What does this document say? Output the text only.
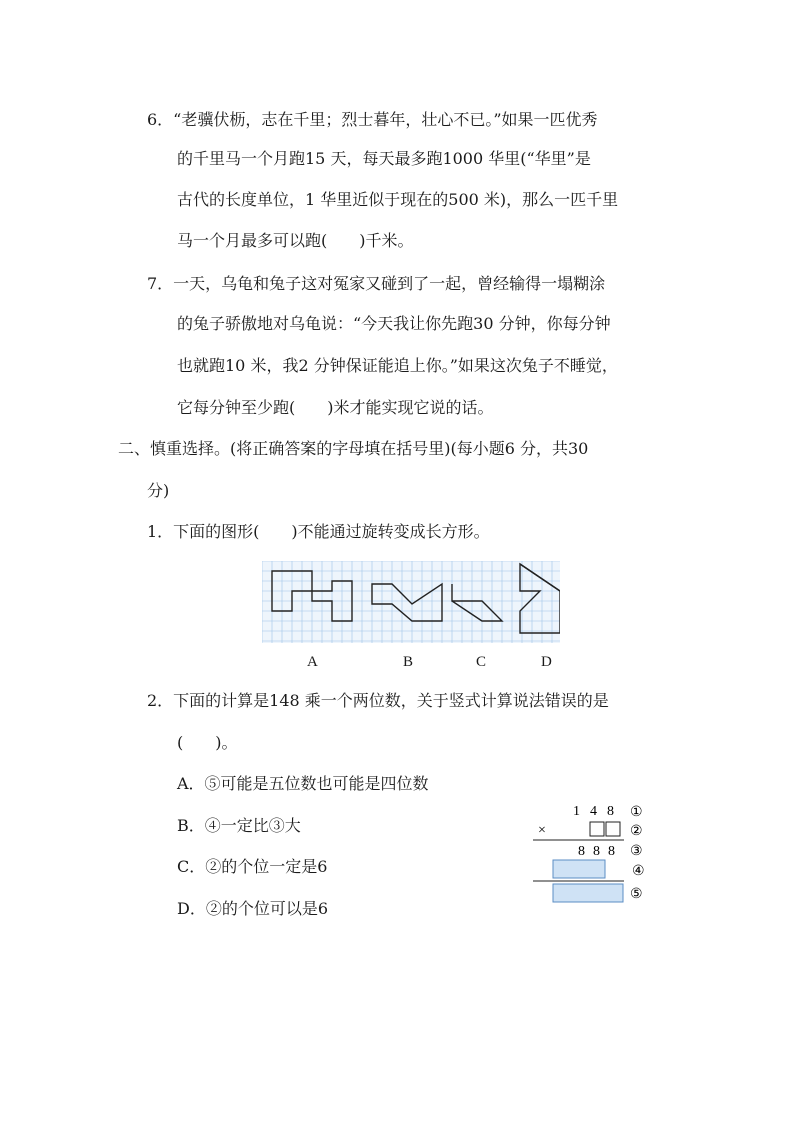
6．“老骥伏枥，志在千里；烈士暮年，壮心不已。”如果一匹优秀
的千里马一个月跑15 天，每天最多跑1000 华里(“华里”是
古代的长度单位，1 华里近似于现在的500 米)，那么一匹千里
马一个月最多可以跑(　　)千米。
7．一天，乌龟和兔子这对冤家又碰到了一起，曾经输得一塌糊涂
的兔子骄傲地对乌龟说：“今天我让你先跑30 分钟，你每分钟
也就跑10 米，我2 分钟保证能追上你。”如果这次兔子不睡觉，
它每分钟至少跑(　　)米才能实现它说的话。
二、慎重选择。(将正确答案的字母填在括号里)(每小题6 分，共30
分)
1．下面的图形(　　)不能通过旋转变成长方形。
A	B	C	D
2．下面的计算是148 乘一个两位数，关于竖式计算说法错误的是
(　　)。
A．⑤可能是五位数也可能是四位数
B．④一定比③大
C．②的个位一定是6
D．②的个位可以是6
1 4 8 ①
×	②
8 8 8 ③
④
⑤
